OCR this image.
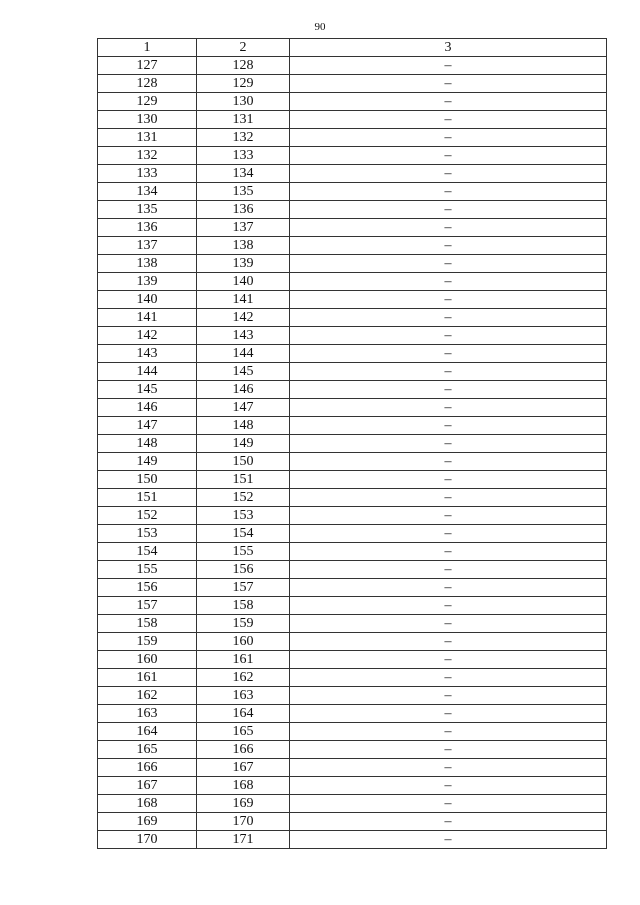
90
1	2	3
127	128	–
128	129	–
129	130	–
130	131	–
131	132	–
132	133	–
133	134	–
134	135	–
135	136	–
136	137	–
137	138	–
138	139	–
139	140	–
140	141	–
141	142	–
142	143	–
143	144	–
144	145	–
145	146	–
146	147	–
147	148	–
148	149	–
149	150	–
150	151	–
151	152	–
152	153	–
153	154	–
154	155	–
155	156	–
156	157	–
157	158	–
158	159	–
159	160	–
160	161	–
161	162	–
162	163	–
163	164	–
164	165	–
165	166	–
166	167	–
167	168	–
168	169	–
169	170	–
170	171	–
